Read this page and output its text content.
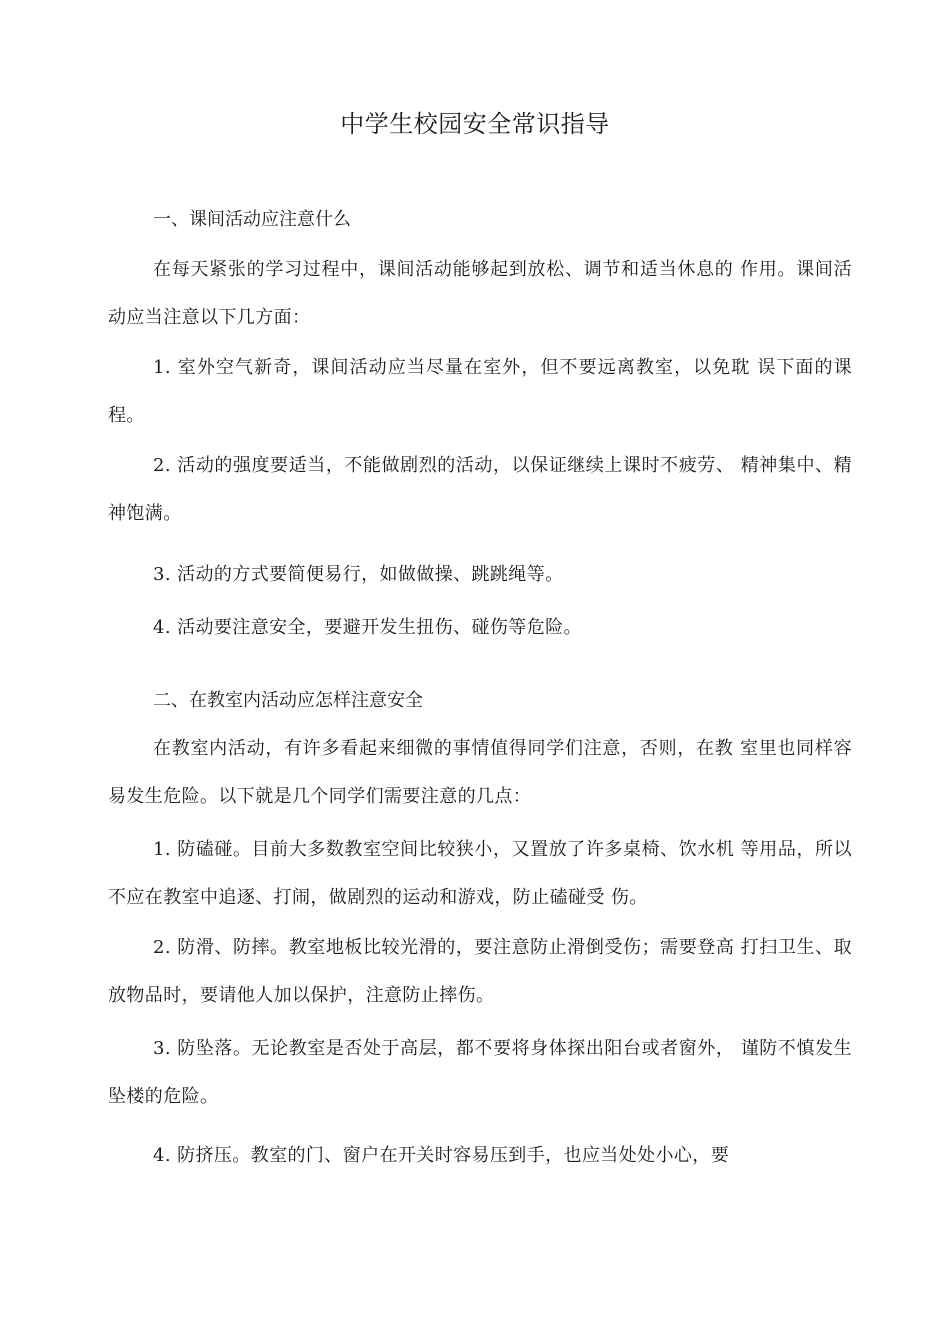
中学生校园安全常识指导
一、课间活动应注意什么
在每天紧张的学习过程中，课间活动能够起到放松、调节和适当休息的 作用。课间活动应当注意以下几方面：
1. 室外空气新奇，课间活动应当尽量在室外，但不要远离教室，以免耽 误下面的课程。
2. 活动的强度要适当，不能做剧烈的活动，以保证继续上课时不疲劳、 精神集中、精神饱满。
3. 活动的方式要简便易行，如做做操、跳跳绳等。
4. 活动要注意安全，要避开发生扭伤、碰伤等危险。
二、在教室内活动应怎样注意安全
在教室内活动，有许多看起来细微的事情值得同学们注意，否则，在教 室里也同样容易发生危险。以下就是几个同学们需要注意的几点：
1. 防磕碰。目前大多数教室空间比较狭小，又置放了许多桌椅、饮水机 等用品，所以不应在教室中追逐、打闹，做剧烈的运动和游戏，防止磕碰受 伤。
2. 防滑、防摔。教室地板比较光滑的，要注意防止滑倒受伤；需要登高 打扫卫生、取放物品时，要请他人加以保护，注意防止摔伤。
3. 防坠落。无论教室是否处于高层，都不要将身体探出阳台或者窗外， 谨防不慎发生坠楼的危险。
4. 防挤压。教室的门、窗户在开关时容易压到手，也应当处处小心，要
